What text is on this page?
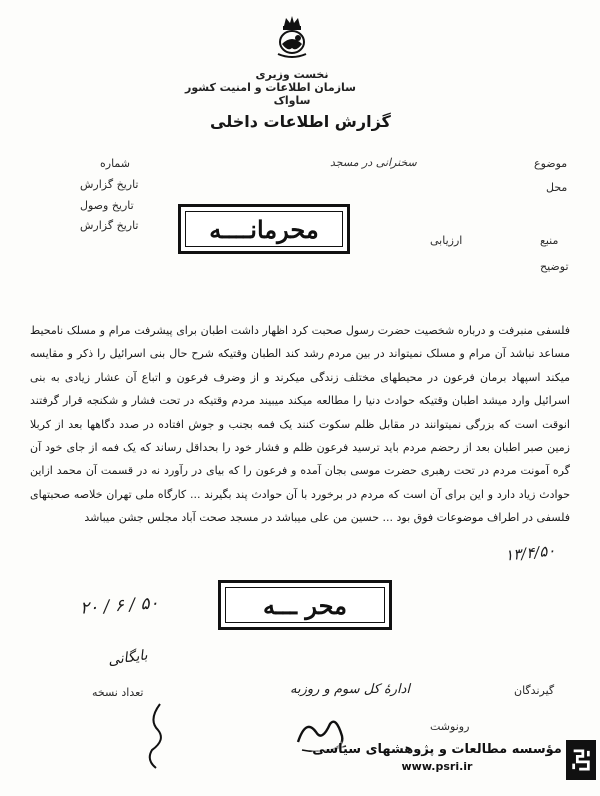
نخست وزیری
سازمان اطلاعات و امنیت کشور
ساواک
گزارش اطلاعات داخلی
شماره
تاریخ گزارش
تاریخ وصول
تاریخ گزارش
موضوع
سخنرانی در مسجد
محل
منبع
ارزیابی
توضیح
محرمانــــه

فلسفی منبرفت و درباره شخصیت حضرت رسول صحبت کرد اظهار داشت اطبان برای پیشرفت مرام و مسلک نامحیط مساعد نباشد آن مرام و مسلک نمیتواند در بین مردم رشد کند الطبان وقتیکه شرح حال بنی اسرائیل را ذکر و مقایسه میکند اسپهاد برمان فرعون در محیطهای مختلف زندگی میکرند و از وضرف فرعون و اتباع آن عشار زیادی به بنی اسرائیل وارد میشد اطبان وقتیکه حوادث دنیا را مطالعه میکند میبیند مردم وقتیکه در تحت فشار و شکنجه قرار گرفتند انوقت است که بزرگی نمیتوانند در مقابل ظلم سکوت کنند یک فمه بجنب و جوش افتاده در صدد دگاهها بعد از کربلا زمین صبر اطبان بعد از رحضم مردم باید ترسید فرعون ظلم و فشار خود را بحداقل رساند که یک فمه از جای خود آن گره آمونت مردم در تحت رهبری حضرت موسی بجان آمده و فرعون را که بیای در رآورد نه در قسمت آن محمد ازاین حوادث زیاد دارد و این برای آن است که مردم در برخورد با آن حوادث پند بگیرند ... کارگاه ملی تهران خلاصه صحبتهای فلسفی در اطراف موضوعات فوق بود ... حسین من علی میباشد در مسجد صحت آباد مجلس جشن میباشد

۱۳/۴/۵۰
محر ـــه
۲۰ / ۶ / ۵۰
بایگانی
گیرندگان
ادارهٔ کل سوم و روزبه
تعداد نسخه
رونوشت
مؤسسه مطالعات و پژوهشهای سیاسی
www.psri.ir
